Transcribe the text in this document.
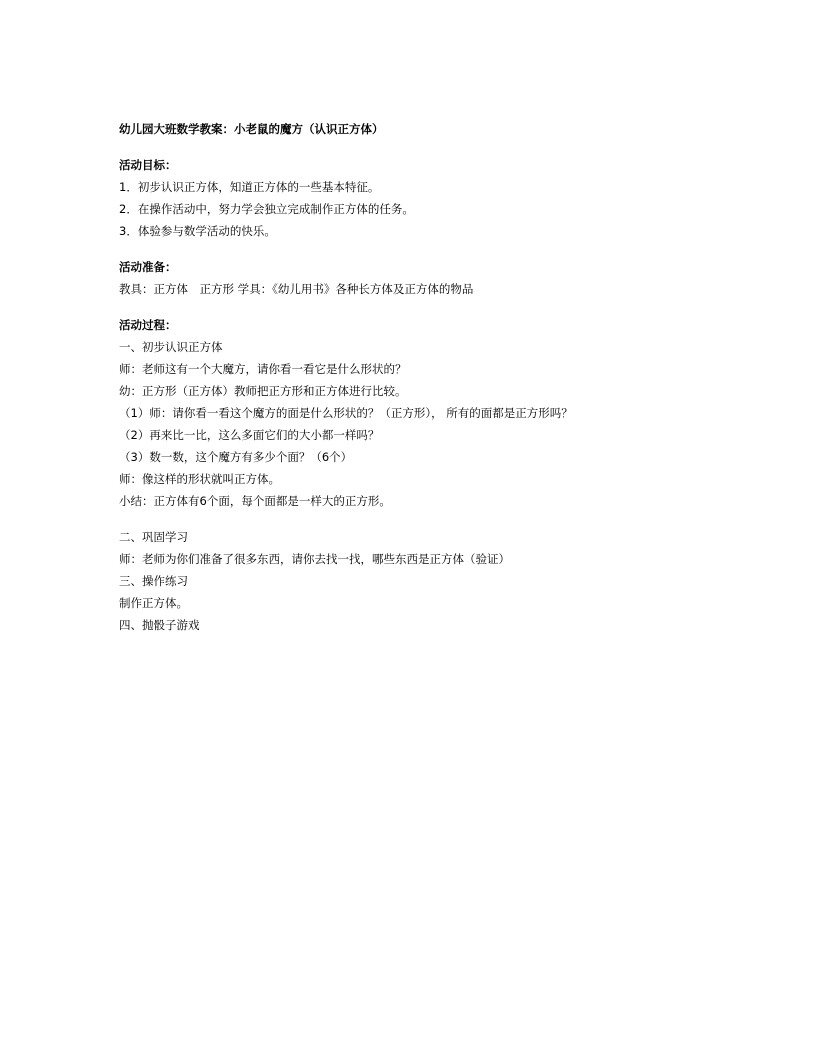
幼儿园大班数学教案：小老鼠的魔方（认识正方体）
活动目标：
1．初步认识正方体，知道正方体的一些基本特征。
2．在操作活动中，努力学会独立完成制作正方体的任务。
3．体验参与数学活动的快乐。
活动准备：
教具：正方体　正方形 学具：《幼儿用书》各种长方体及正方体的物品
活动过程：
一、初步认识正方体
师：老师这有一个大魔方，请你看一看它是什么形状的？
幼：正方形（正方体）教师把正方形和正方体进行比较。
（1）师：请你看一看这个魔方的面是什么形状的？（正方形）， 所有的面都是正方形吗？
（2）再来比一比，这么多面它们的大小都一样吗？
（3）数一数，这个魔方有多少个面？（6个）
师：像这样的形状就叫正方体。
小结：正方体有6个面，每个面都是一样大的正方形。
二、巩固学习
师：老师为你们准备了很多东西，请你去找一找，哪些东西是正方体（验证）
三、操作练习
制作正方体。
四、抛骰子游戏
